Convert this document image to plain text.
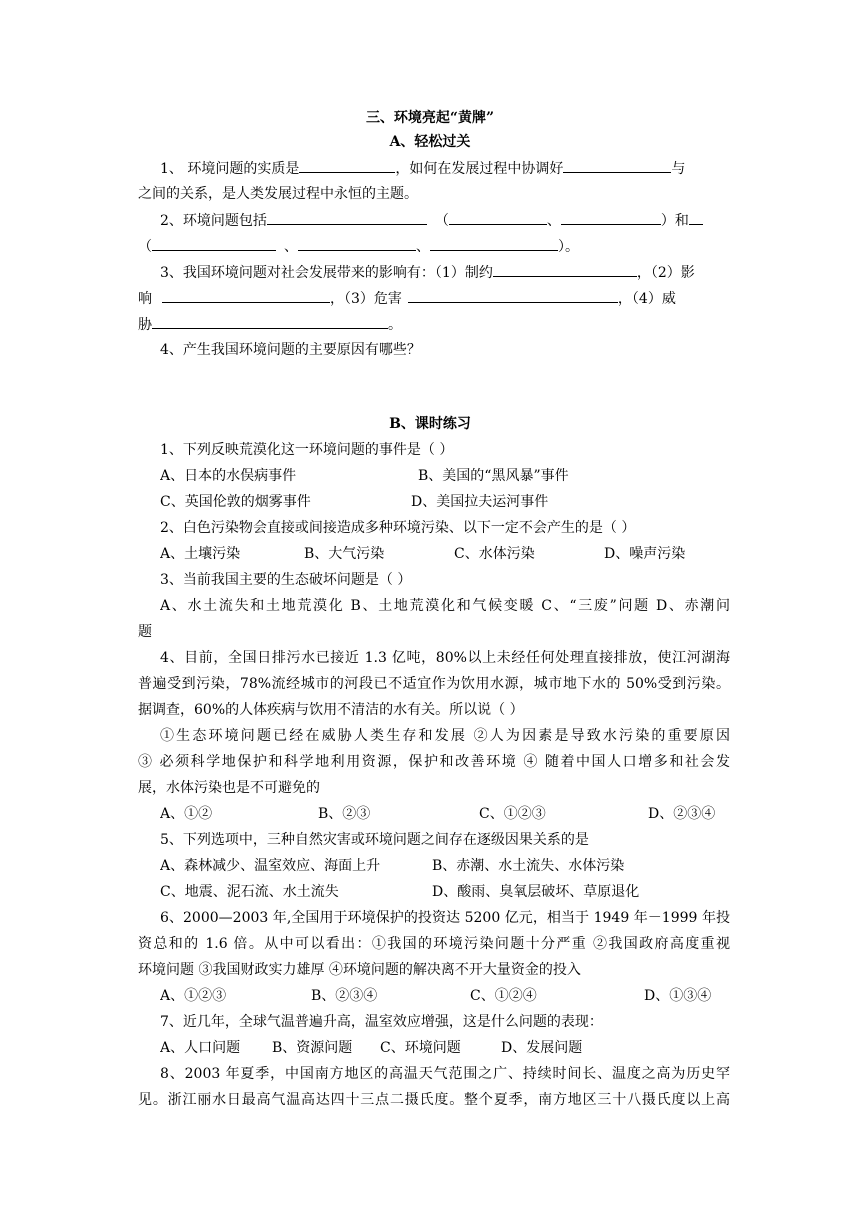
三、环境亮起“黄牌”
A、轻松过关
1、 环境问题的实质是	，如何在发展过程中协调好	与
之间的关系，是人类发展过程中永恒的主题。
2、环境问题包括	（	、	）和
（	、	、	）。
3、我国环境问题对社会发展带来的影响有：（1）制约	，（2）影
响	，（3）危害	，（4）威
胁	。
4、产生我国环境问题的主要原因有哪些？
B、课时练习
1、下列反映荒漠化这一环境问题的事件是（ ）
A、日本的水俣病事件	B、美国的“黑风暴”事件
C、英国伦敦的烟雾事件	D、美国拉夫运河事件
2、白色污染物会直接或间接造成多种环境污染、以下一定不会产生的是（ ）
A、土壤污染	B、大气污染	C、水体污染	D、噪声污染
3、当前我国主要的生态破坏问题是（ ）
A、水土流失和土地荒漠化 B、土地荒漠化和气候变暖 C、“三废”问题 D、赤潮问
题
4、目前，全国日排污水已接近 1.3 亿吨，80%以上未经任何处理直接排放，使江河湖海
普遍受到污染，78%流经城市的河段已不适宜作为饮用水源，城市地下水的 50%受到污染。
据调查，60%的人体疾病与饮用不清洁的水有关。所以说（ ）
①生态环境问题已经在威胁人类生存和发展 ②人为因素是导致水污染的重要原因
③ 必须科学地保护和科学地利用资源，保护和改善环境 ④ 随着中国人口增多和社会发
展，水体污染也是不可避免的
A、①②	B、②③	C、①②③	D、②③④
5、下列选项中，三种自然灾害或环境问题之间存在逐级因果关系的是
A、森林减少、温室效应、海面上升	B、赤潮、水土流失、水体污染
C、地震、泥石流、水土流失	D、酸雨、臭氧层破坏、草原退化
6、2000—2003 年,全国用于环境保护的投资达 5200 亿元，相当于 1949 年－1999 年投
资总和的 1.6 倍。从中可以看出：①我国的环境污染问题十分严重 ②我国政府高度重视
环境问题 ③我国财政实力雄厚 ④环境问题的解决离不开大量资金的投入
A、①②③	B、②③④	C、①②④	D、①③④
7、近几年，全球气温普遍升高，温室效应增强，这是什么问题的表现：
A、人口问题 B、资源问题 C、环境问题	D、发展问题
8、2003 年夏季，中国南方地区的高温天气范围之广、持续时间长、温度之高为历史罕
见。浙江丽水日最高气温高达四十三点二摄氏度。整个夏季，南方地区三十八摄氏度以上高
